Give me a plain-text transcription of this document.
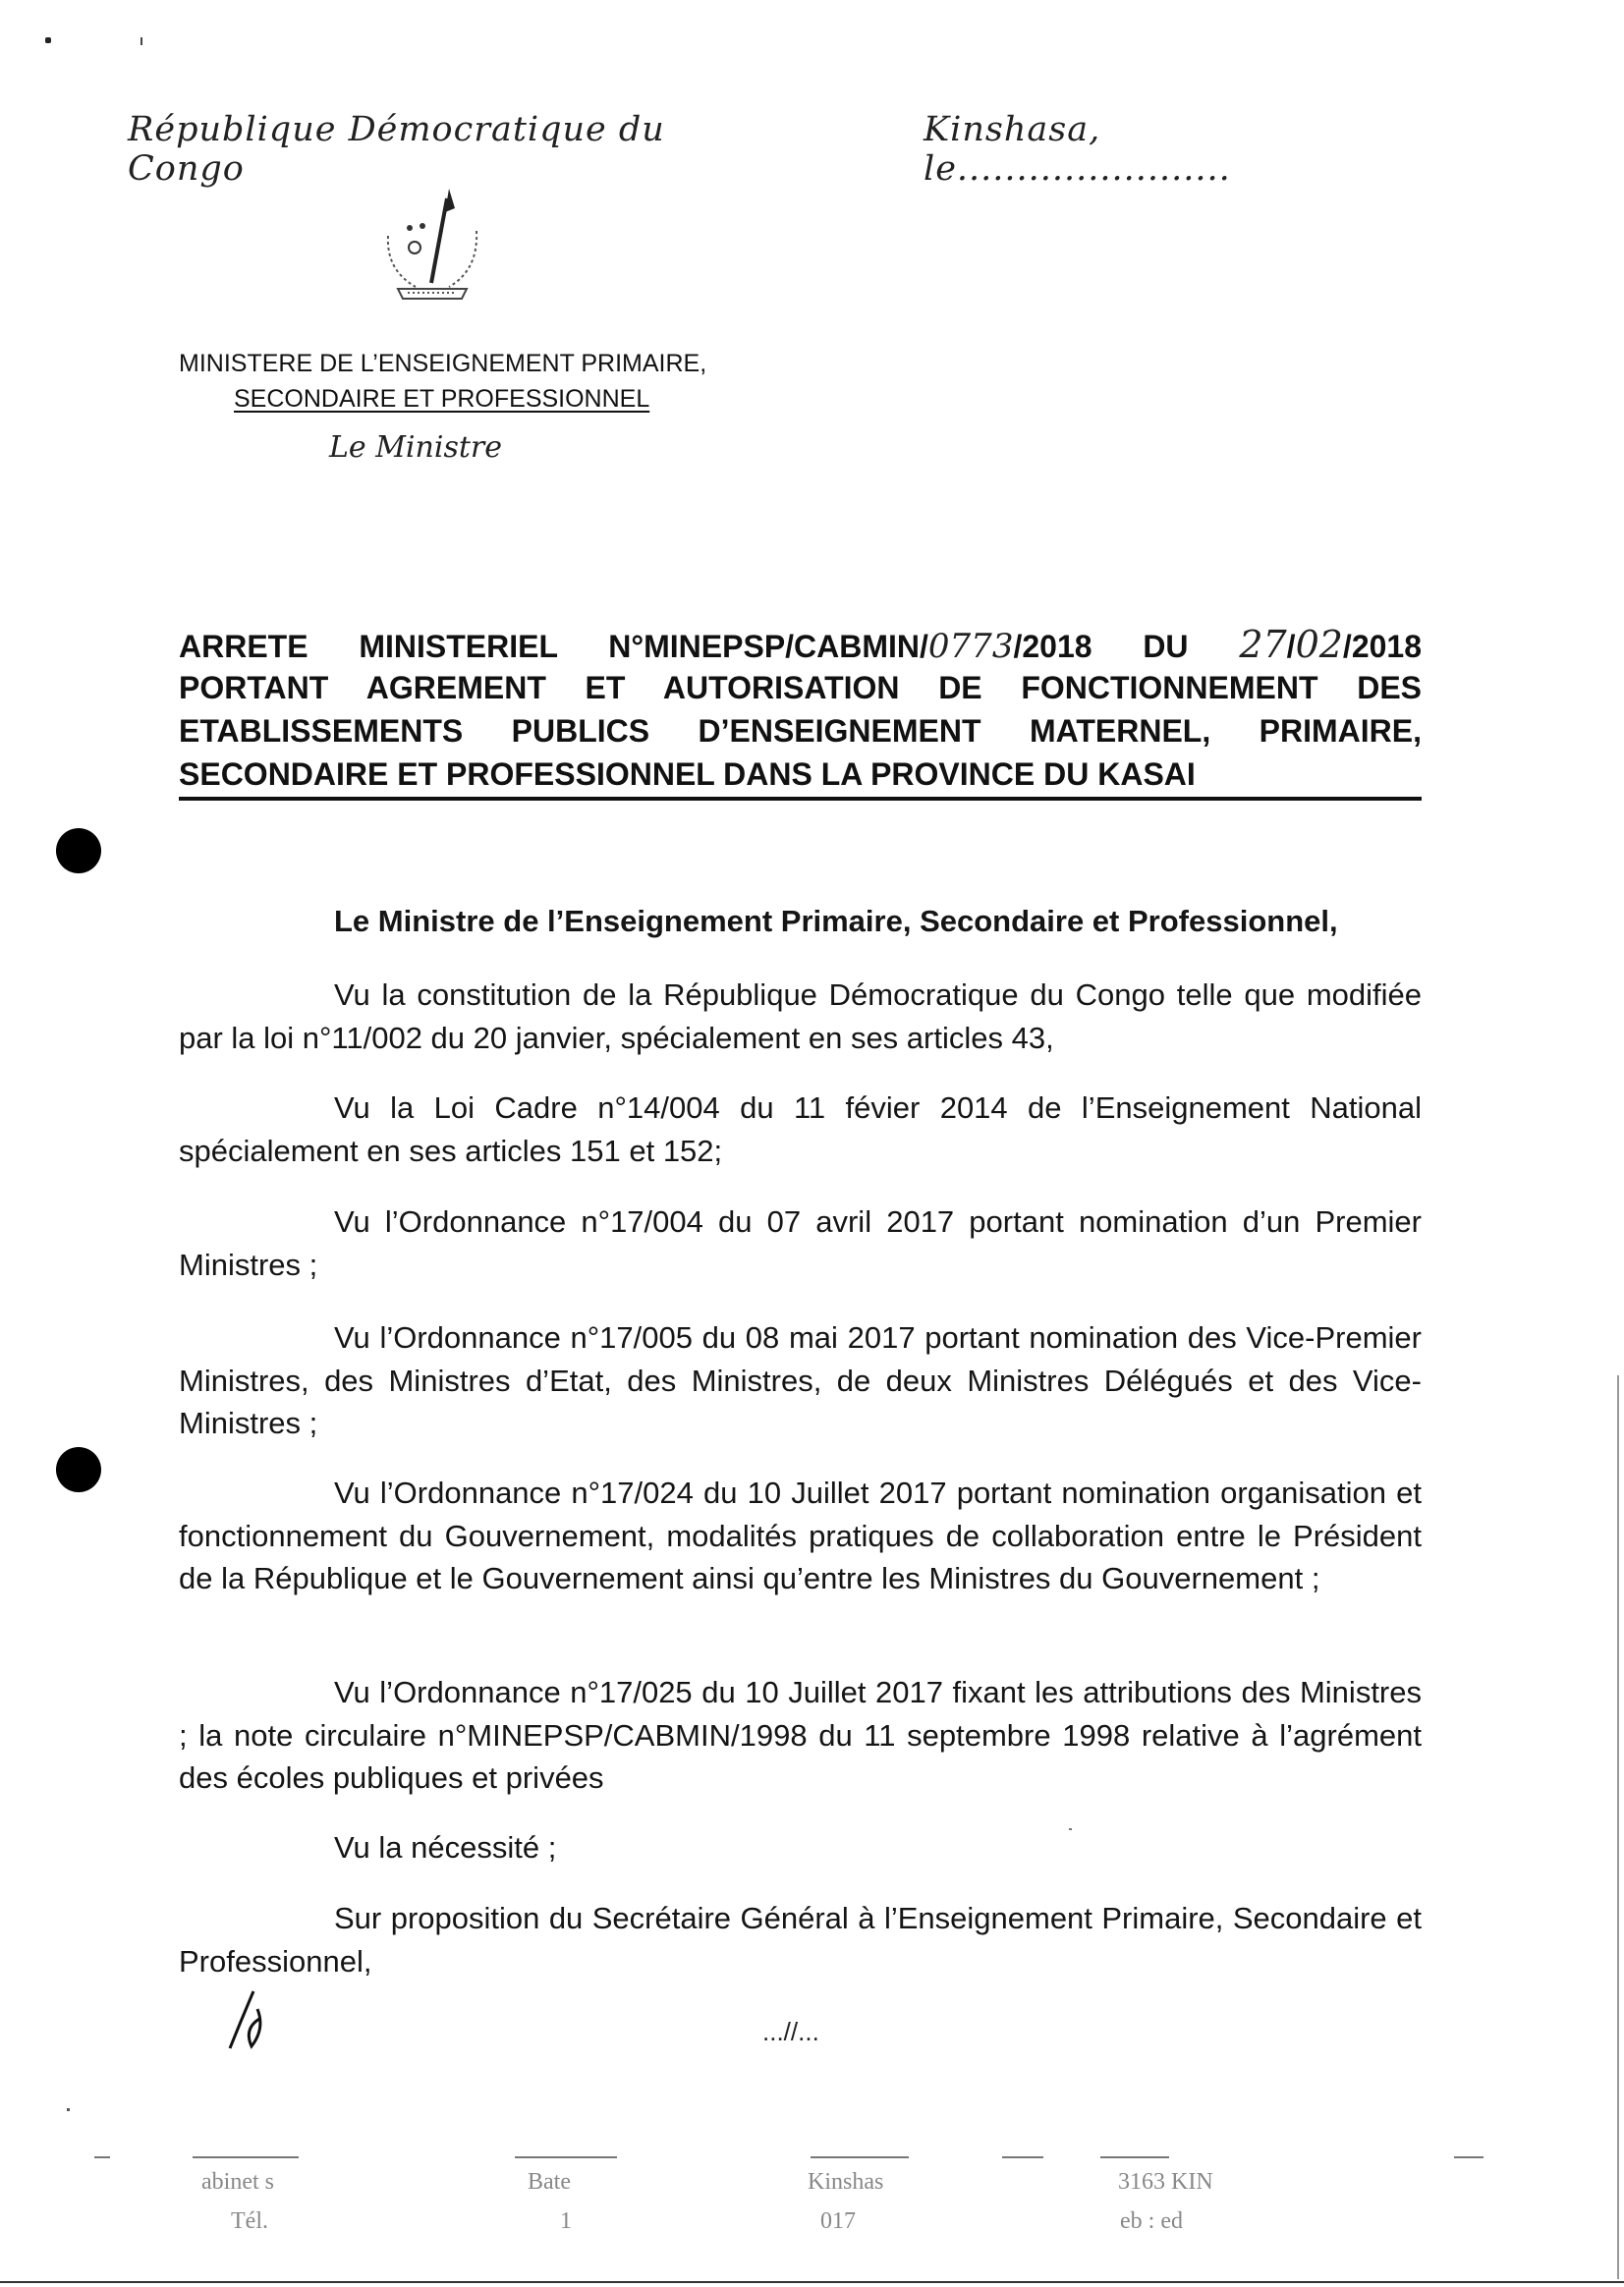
République Démocratique du Congo
Kinshasa, le.......................
MINISTERE DE L’ENSEIGNEMENT PRIMAIRE,
SECONDAIRE ET PROFESSIONNEL
Le Ministre
ARRETE MINISTERIEL N°MINEPSP/CABMIN/0773/2018 DU 27/02/2018
PORTANT AGREMENT ET AUTORISATION DE FONCTIONNEMENT DES
ETABLISSEMENTS PUBLICS D’ENSEIGNEMENT MATERNEL, PRIMAIRE,
SECONDAIRE ET PROFESSIONNEL DANS LA PROVINCE DU KASAI
Le Ministre de l’Enseignement Primaire, Secondaire et Professionnel,
Vu la constitution de la République Démocratique du Congo telle que modifiée par la loi n°11/002 du 20 janvier, spécialement en ses articles 43,
Vu la Loi Cadre n°14/004 du 11 févier 2014 de l’Enseignement National spécialement en ses articles 151 et 152;
Vu l’Ordonnance n°17/004 du 07 avril 2017 portant nomination d’un Premier Ministres ;
Vu l’Ordonnance n°17/005 du 08 mai 2017 portant nomination des Vice-Premier Ministres, des Ministres d’Etat, des Ministres, de deux Ministres Délégués et des Vice-Ministres ;
Vu l’Ordonnance n°17/024 du 10 Juillet 2017 portant nomination organisation et fonctionnement du Gouvernement, modalités pratiques de collaboration entre le Président de la République et le Gouvernement ainsi qu’entre les Ministres du Gouvernement ;
Vu l’Ordonnance n°17/025 du 10 Juillet 2017 fixant les attributions des Ministres ; la note circulaire n°MINEPSP/CABMIN/1998 du 11 septembre 1998 relative à l’agrément des écoles publiques et privées
Vu la nécessité ;
Sur proposition du Secrétaire Général à l’Enseignement Primaire, Secondaire et Professionnel,
...//...
abinet s	Bate	Kinshas	3163 KIN
Tél.	1	017	eb : ed
